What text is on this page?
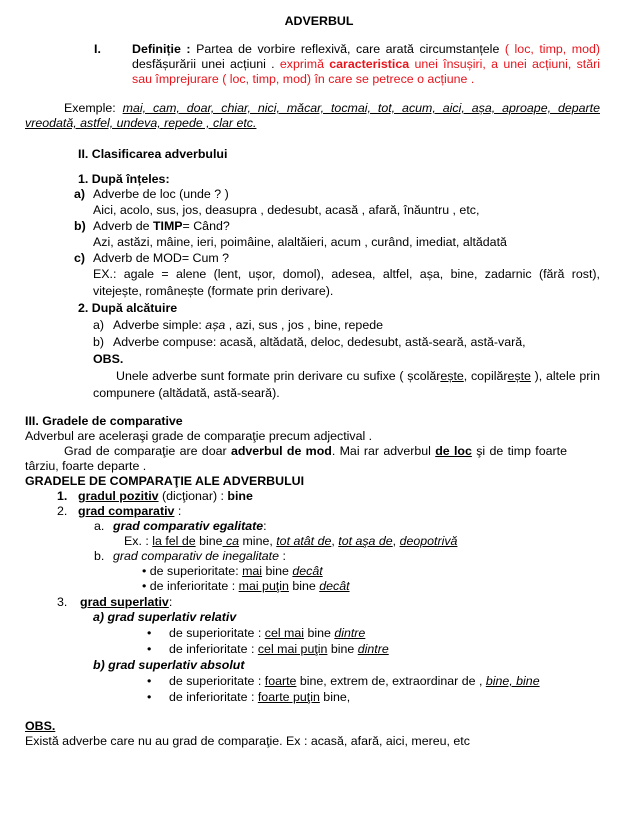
ADVERBUL
I.	Definiție : Partea de vorbire reflexivă, care arată circumstanțele ( loc, timp, mod)
desfășurării unei acțiuni . exprimă caracteristica unei însușiri, a unei acțiuni, stări
sau împrejurare ( loc, timp, mod) în care se petrece o acțiune .
Exemple: mai, cam, doar, chiar, nici, măcar, tocmai, tot, acum, aici, așa, aproape, departe
vreodată, astfel, undeva, repede , clar etc.
II. Clasificarea adverbului
1. După înțeles:
a) Adverbe de loc (unde ? )
Aici, acolo, sus, jos, deasupra , dedesubt, acasă , afară, înăuntru , etc,
b) Adverb de TIMP= Când?
Azi, astăzi, mâine, ieri, poimâine, alaltăieri, acum , curând, imediat, altădată
c) Adverb de MOD= Cum ?
EX.: agale = alene (lent, ușor, domol), adesea, altfel, așa, bine, zadarnic (fără rost),
vitejește, românește (formate prin derivare).
2. După alcătuire
a) Adverbe simple: așa , azi, sus , jos , bine, repede
b) Adverbe compuse: acasă, altădată, deloc, dedesubt, astă-seară, astă-vară,
OBS.
Unele adverbe sunt formate prin derivare cu sufixe ( școlărește, copilărește ), altele prin
compunere (altădată, astă-seară).
III. Gradele de comparative
Adverbul are aceleraşi grade de comparaţie precum adjectival .
Grad de comparaţie are doar adverbul de mod. Mai rar adverbul de loc şi de timp foarte
târziu, foarte departe .
GRADELE DE COMPARAŢIE ALE ADVERBULUI
1. gradul pozitiv (dicţionar) : bine
2. grad comparativ :
a. grad comparativ egalitate:
Ex. : la fel de bine ca mine, tot atât de, tot aşa de, deopotrivă
b. grad comparativ de inegalitate :
• de superioritate: mai bine decât
• de inferioritate : mai puţin bine decât
3. grad superlativ:
a) grad superlativ relativ
• de superioritate : cel mai bine dintre
• de inferioritate : cel mai puţin bine dintre
b) grad superlativ absolut
• de superioritate : foarte bine, extrem de, extraordinar de , bine, bine
• de inferioritate : foarte puţin bine,
OBS.
Există adverbe care nu au grad de comparaţie. Ex : acasă, afară, aici, mereu, etc
